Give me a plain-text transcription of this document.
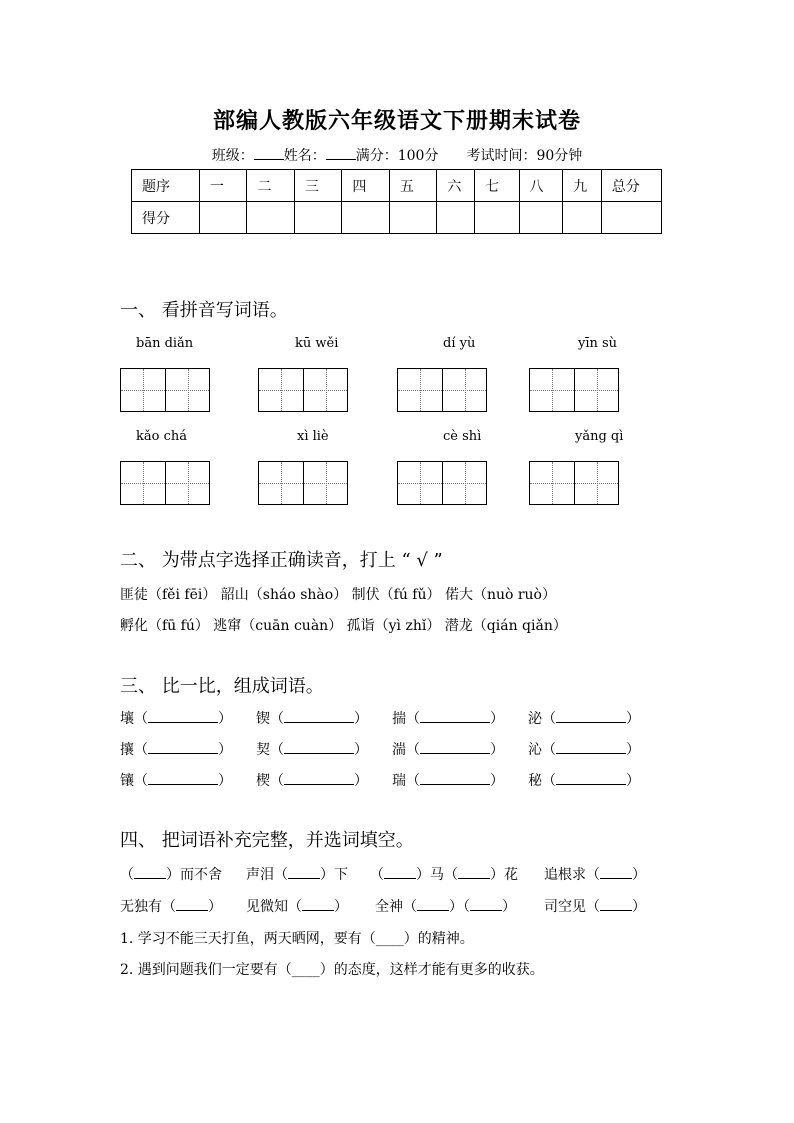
部编人教版六年级语文下册期末试卷
班级： 姓名： 满分：100分 考试时间：90分钟
题序	一	二	三	四	五	六	七	八	九	总分
得分										
一、 看拼音写词语。
bān diǎn	kū wěi	dí yù	yīn sù
kǎo chá	xì liè	cè shì	yǎng qì
二、 为带点字选择正确读音，打上 “ √ ”
匪徒（fěi fēi） 韶山（sháo shào） 制伏（fú fǔ） 偌大（nuò ruò）
孵化（fū fú） 逃窜（cuān cuàn） 孤诣（yì zhǐ） 潜龙（qián qiǎn）
三、 比一比，组成词语。
壤（	） 锲（	） 揣（	） 泌（	）
攘（	） 契（	） 湍（	） 沁（	）
镶（	） 楔（	） 瑞（	） 秘（	）
四、 把词语补充完整，并选词填空。
（ ）而不舍 声泪（ ）下 （ ）马（ ）花 追根求（ ）
无独有（ ） 见微知（ ） 全神（ ）（ ） 司空见（ ）
1. 学习不能三天打鱼，两天晒网，要有（____）的精神。
2. 遇到问题我们一定要有（____）的态度，这样才能有更多的收获。
